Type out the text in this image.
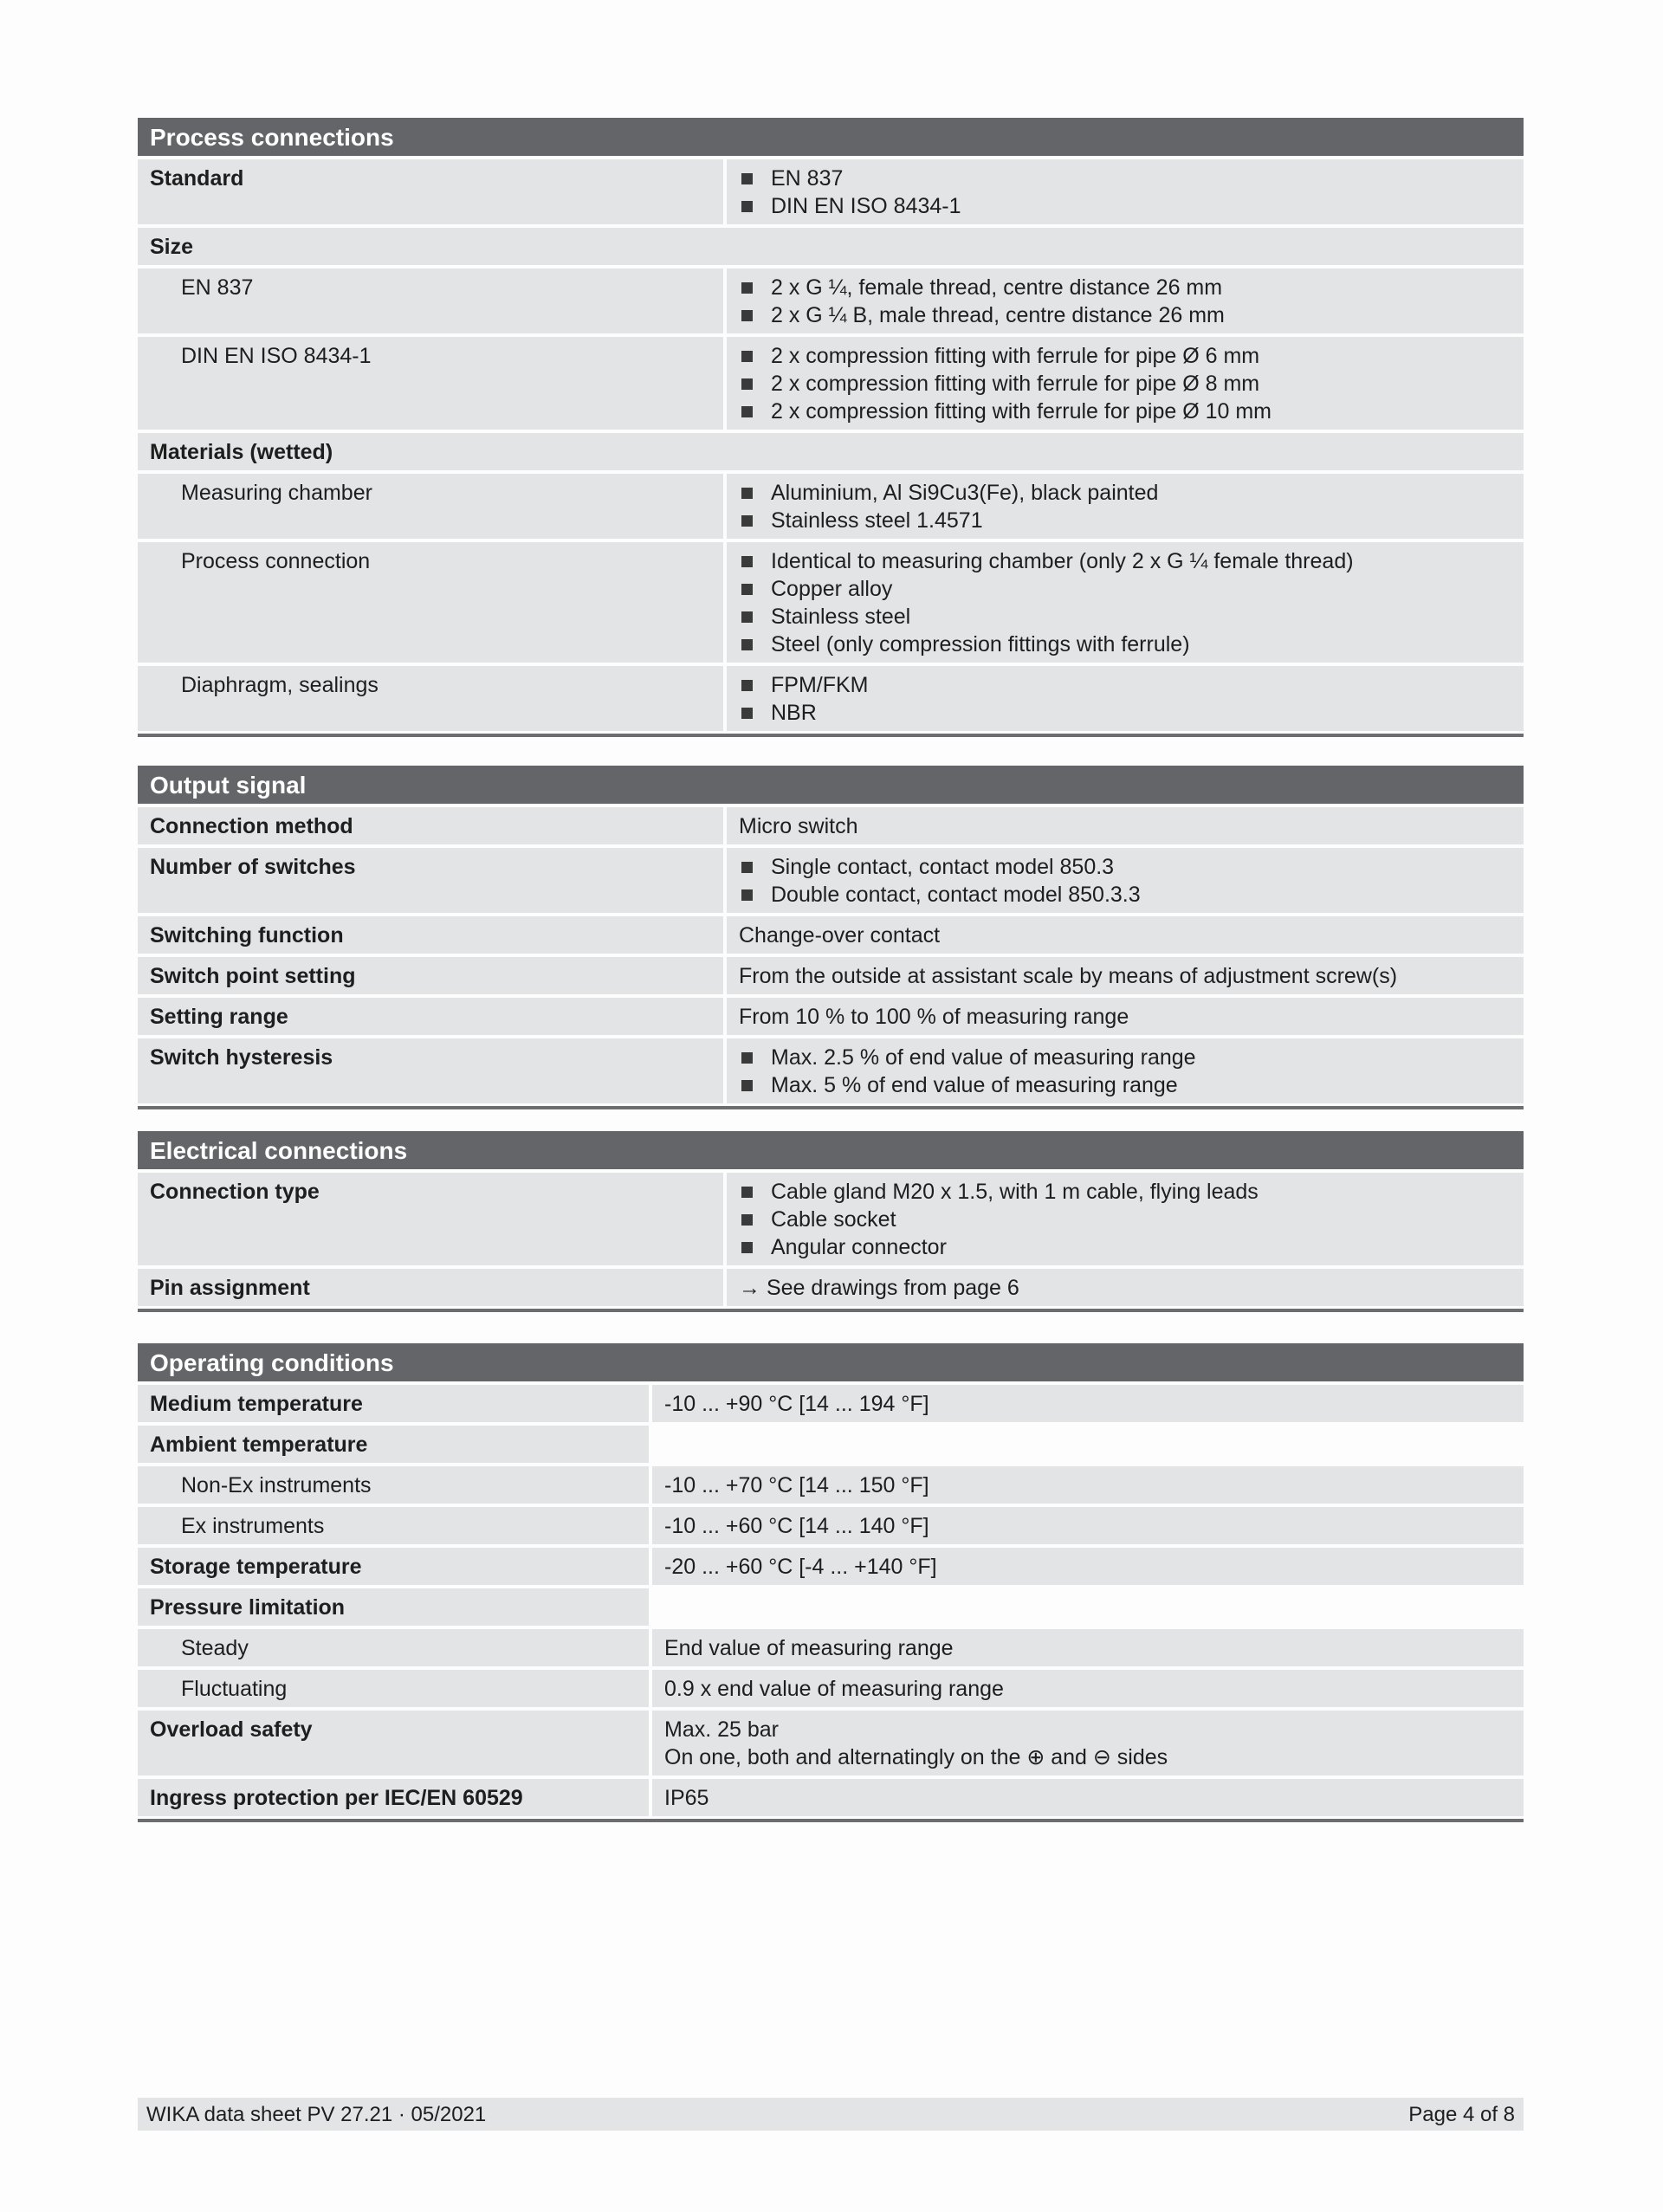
Process connections
Standard	EN 837
DIN EN ISO 8434-1
Size
EN 837	2 x G ¼, female thread, centre distance 26 mm
2 x G ¼ B, male thread, centre distance 26 mm
DIN EN ISO 8434-1	2 x compression fitting with ferrule for pipe Ø 6 mm
2 x compression fitting with ferrule for pipe Ø 8 mm
2 x compression fitting with ferrule for pipe Ø 10 mm
Materials (wetted)
Measuring chamber	Aluminium, Al Si9Cu3(Fe), black painted
Stainless steel 1.4571
Process connection	Identical to measuring chamber (only 2 x G ¼ female thread)
Copper alloy
Stainless steel
Steel (only compression fittings with ferrule)
Diaphragm, sealings	FPM/FKM
NBR
Output signal
Connection method	Micro switch
Number of switches	Single contact, contact model 850.3
Double contact, contact model 850.3.3
Switching function	Change-over contact
Switch point setting	From the outside at assistant scale by means of adjustment screw(s)
Setting range	From 10 % to 100 % of measuring range
Switch hysteresis	Max. 2.5 % of end value of measuring range
Max. 5 % of end value of measuring range
Electrical connections
Connection type	Cable gland M20 x 1.5, with 1 m cable, flying leads
Cable socket
Angular connector
Pin assignment	→ See drawings from page 6
Operating conditions
Medium temperature	-10 ... +90 °C [14 ... 194 °F]
Ambient temperature
Non-Ex instruments	-10 ... +70 °C [14 ... 150 °F]
Ex instruments	-10 ... +60 °C [14 ... 140 °F]
Storage temperature	-20 ... +60 °C [-4 ... +140 °F]
Pressure limitation
Steady	End value of measuring range
Fluctuating	0.9 x end value of measuring range
Overload safety	Max. 25 bar
On one, both and alternatingly on the ⊕ and ⊖ sides
Ingress protection per IEC/EN 60529	IP65
WIKA data sheet PV 27.21 · 05/2021	Page 4 of 8
